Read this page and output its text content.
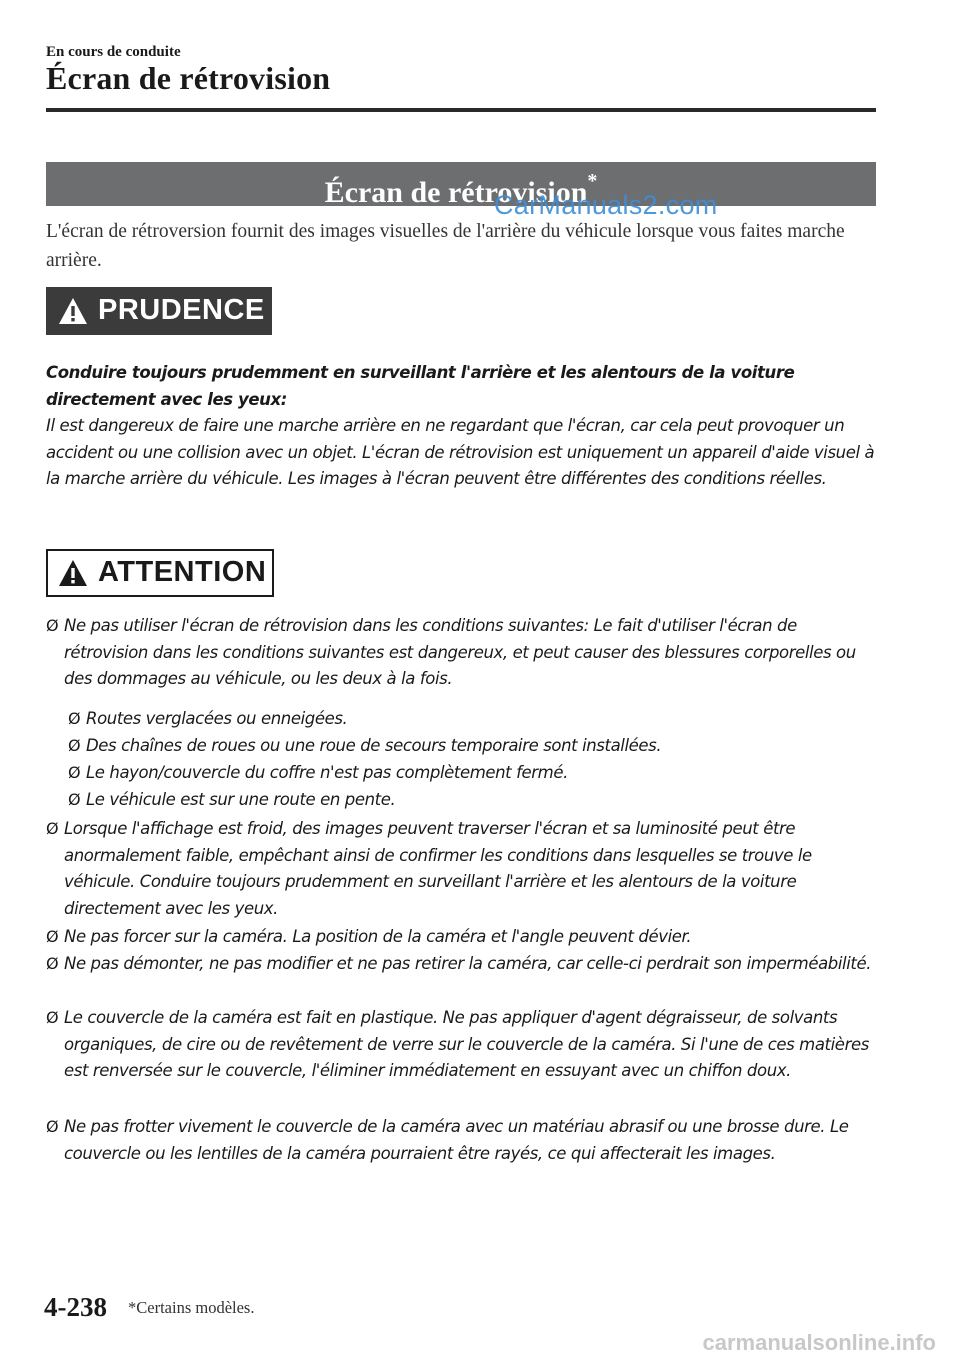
En cours de conduite
Écran de rétrovision
Écran de rétrovision*
CarManuals2.com
L'écran de rétroversion fournit des images visuelles de l'arrière du véhicule lorsque vous faites marche arrière.
PRUDENCE
Conduire toujours prudemment en surveillant l'arrière et les alentours de la voiture directement avec les yeux:
Il est dangereux de faire une marche arrière en ne regardant que l'écran, car cela peut provoquer un accident ou une collision avec un objet. L'écran de rétrovision est uniquement un appareil d'aide visuel à la marche arrière du véhicule. Les images à l'écran peuvent être différentes des conditions réelles.
ATTENTION
Ø Ne pas utiliser l'écran de rétrovision dans les conditions suivantes: Le fait d'utiliser l'écran de rétrovision dans les conditions suivantes est dangereux, et peut causer des blessures corporelles ou des dommages au véhicule, ou les deux à la fois.
Ø Routes verglacées ou enneigées.
Ø Des chaînes de roues ou une roue de secours temporaire sont installées.
Ø Le hayon/couvercle du coffre n'est pas complètement fermé.
Ø Le véhicule est sur une route en pente.
Ø Lorsque l'affichage est froid, des images peuvent traverser l'écran et sa luminosité peut être anormalement faible, empêchant ainsi de confirmer les conditions dans lesquelles se trouve le véhicule. Conduire toujours prudemment en surveillant l'arrière et les alentours de la voiture directement avec les yeux.
Ø Ne pas forcer sur la caméra. La position de la caméra et l'angle peuvent dévier.
Ø Ne pas démonter, ne pas modifier et ne pas retirer la caméra, car celle-ci perdrait son imperméabilité.
Ø Le couvercle de la caméra est fait en plastique. Ne pas appliquer d'agent dégraisseur, de solvants organiques, de cire ou de revêtement de verre sur le couvercle de la caméra. Si l'une de ces matières est renversée sur le couvercle, l'éliminer immédiatement en essuyant avec un chiffon doux.
Ø Ne pas frotter vivement le couvercle de la caméra avec un matériau abrasif ou une brosse dure. Le couvercle ou les lentilles de la caméra pourraient être rayés, ce qui affecterait les images.
4-238 *Certains modèles.
carmanualsonline.info
